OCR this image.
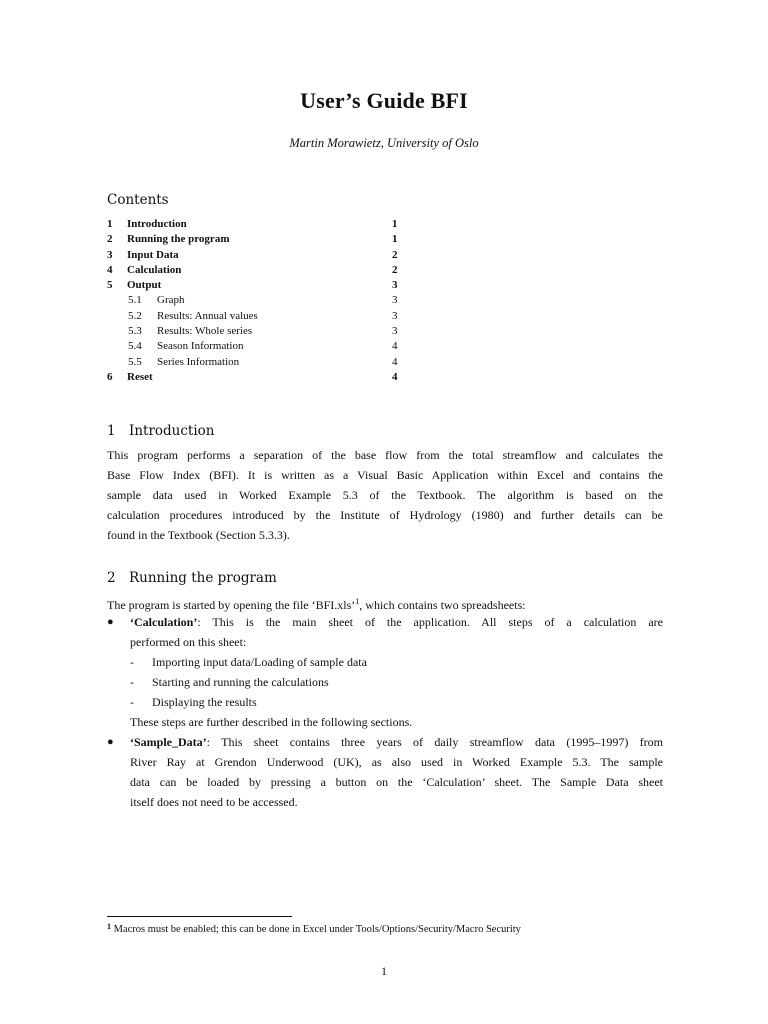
User’s Guide BFI
Martin Morawietz, University of Oslo
Contents
1 Introduction	1
2 Running the program	1
3 Input Data	2
4 Calculation	2
5 Output	3
5.1 Graph	3
5.2 Results: Annual values	3
5.3 Results: Whole series	3
5.4 Season Information	4
5.5 Series Information	4
6 Reset	4
1 Introduction
This program performs a separation of the base flow from the total streamflow and calculates the
Base Flow Index (BFI). It is written as a Visual Basic Application within Excel and contains the
sample data used in Worked Example 5.3 of the Textbook. The algorithm is based on the
calculation procedures introduced by the Institute of Hydrology (1980) and further details can be
found in the Textbook (Section 5.3.3).
2 Running the program
The program is started by opening the file ‘BFI.xls’$^1$, which contains two spreadsheets:
● ‘Calculation’: This is the main sheet of the application. All steps of a calculation are
performed on this sheet:
- Importing input data/Loading of sample data
- Starting and running the calculations
- Displaying the results
These steps are further described in the following sections.
● ‘Sample_Data’: This sheet contains three years of daily streamflow data (1995–1997) from
River Ray at Grendon Underwood (UK), as also used in Worked Example 5.3. The sample
data can be loaded by pressing a button on the ‘Calculation’ sheet. The Sample Data sheet
itself does not need to be accessed.
$^1$ Macros must be enabled; this can be done in Excel under Tools/Options/Security/Macro Security
1
